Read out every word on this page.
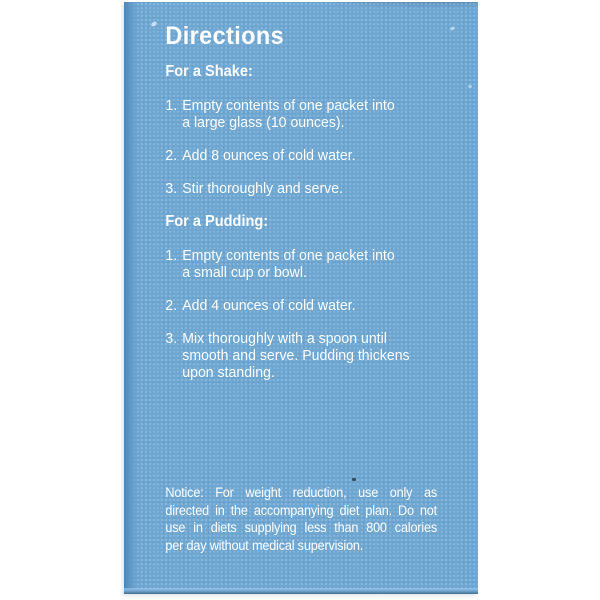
Directions
For a Shake:
1. Empty contents of one packet into
a large glass (10 ounces).
2. Add 8 ounces of cold water.
3. Stir thoroughly and serve.
For a Pudding:
1. Empty contents of one packet into
a small cup or bowl.
2. Add 4 ounces of cold water.
3. Mix thoroughly with a spoon until
smooth and serve. Pudding thickens
upon standing.
Notice: For weight reduction, use only as
directed in the accompanying diet plan. Do not
use in diets supplying less than 800 calories
per day without medical supervision.
